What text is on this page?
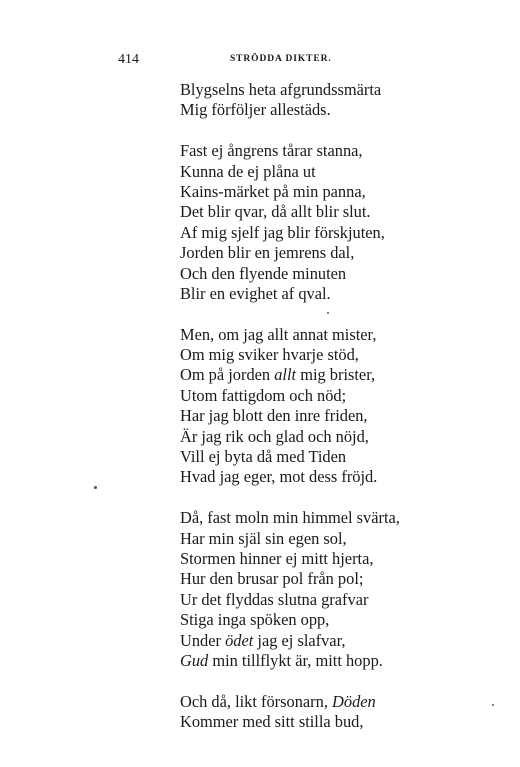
414	STRÖDDA DIKTER.
Blygselns heta afgrundssmärta
Mig förföljer allestäds.
Fast ej ångrens tårar stanna,
Kunna de ej plåna ut
Kains-märket på min panna,
Det blir qvar, då allt blir slut.
Af mig sjelf jag blir förskjuten,
Jorden blir en jemrens dal,
Och den flyende minuten
Blir en evighet af qval.
Men, om jag allt annat mister,
Om mig sviker hvarje stöd,
Om på jorden allt mig brister,
Utom fattigdom och nöd;
Har jag blott den inre friden,
Är jag rik och glad och nöjd,
Vill ej byta då med Tiden
Hvad jag eger, mot dess fröjd.
Då, fast moln min himmel svärta,
Har min själ sin egen sol,
Stormen hinner ej mitt hjerta,
Hur den brusar pol från pol;
Ur det flyddas slutna grafvar
Stiga inga spöken opp,
Under ödet jag ej slafvar,
Gud min tillflykt är, mitt hopp.
Och då, likt försonarn, Döden
Kommer med sitt stilla bud,
